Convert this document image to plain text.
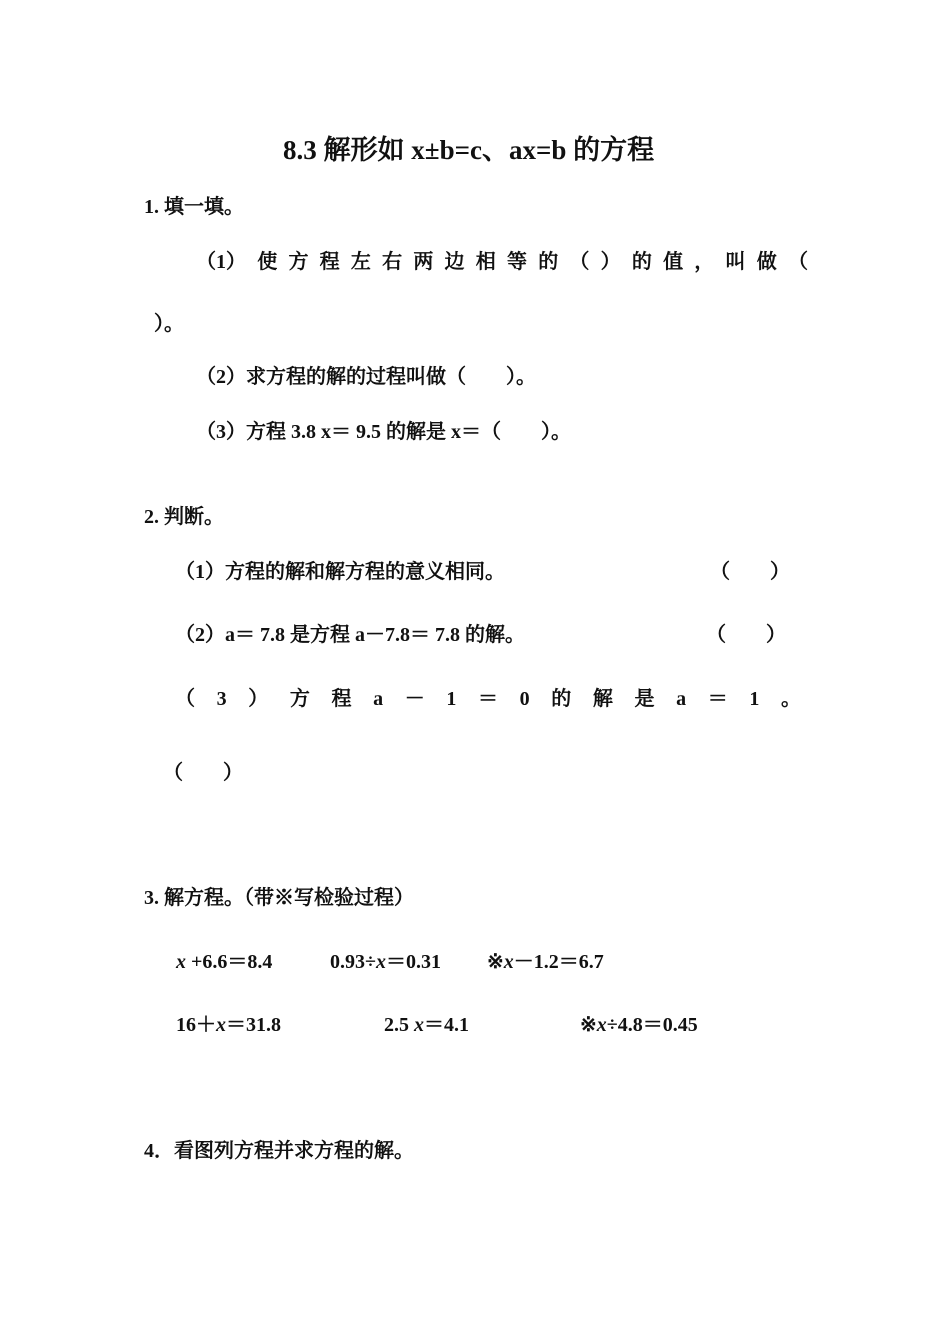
8.3 解形如 x±b=c、ax=b 的方程
1. 填一填。
（1） 使 方 程 左 右 两 边 相 等 的 （ ） 的 值 ， 叫 做 （
）。
（2）求方程的解的过程叫做（　　）。
（3）方程 3.8 x＝ 9.5 的解是 x＝（　　）。
2. 判断。
（1）方程的解和解方程的意义相同。	（　　）
（2）a＝ 7.8 是方程 a－7.8＝ 7.8 的解。	（　　）
（ 3 ） 方 程 a － 1 ＝ 0 的 解 是 a ＝ 1 。
（　　）
3. 解方程。（带※写检验过程）
x +6.6＝8.4	0.93÷x＝0.31 ※x－1.2＝6.7
16＋x＝31.8	2.5 x＝4.1	※x÷4.8＝0.45
4．看图列方程并求方程的解。
